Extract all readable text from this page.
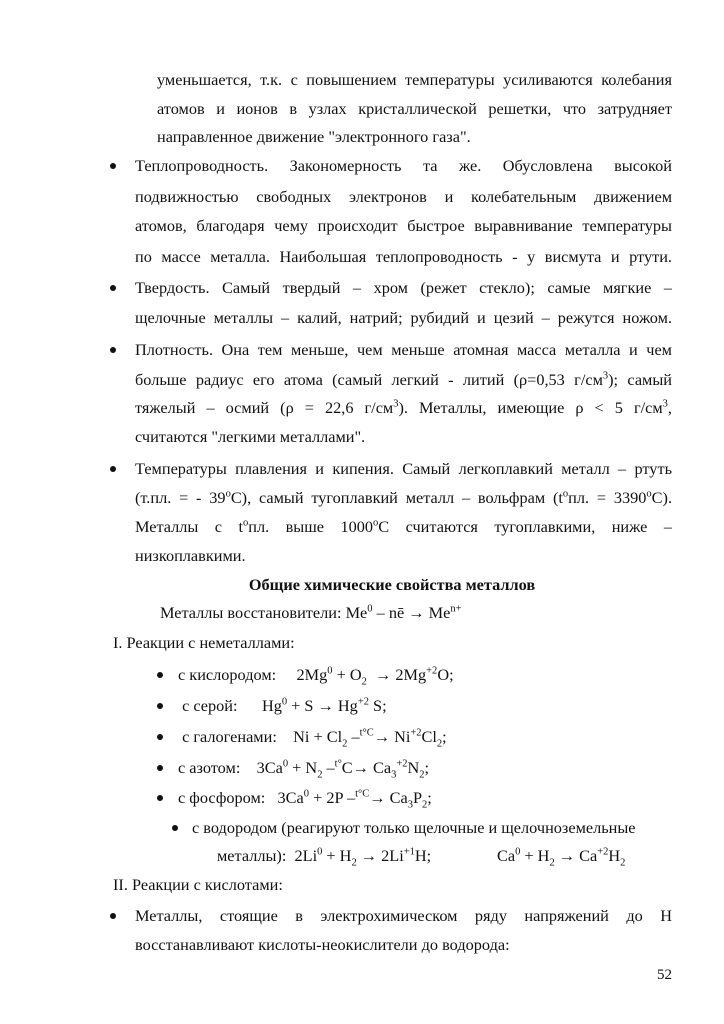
уменьшается, т.к. с повышением температуры усиливаются колебания
атомов и ионов в узлах кристаллической решетки, что затрудняет
направленное движение "электронного газа".
Теплопроводность. Закономерность та же. Обусловлена высокой
подвижностью свободных электронов и колебательным движением
атомов, благодаря чему происходит быстрое выравнивание температуры
по массе металла. Наибольшая теплопроводность - у висмута и ртути.
Твердость. Самый твердый – хром (режет стекло); самые мягкие –
щелочные металлы – калий, натрий; рубидий и цезий – режутся ножом.
Плотность. Она тем меньше, чем меньше атомная масса металла и чем
больше радиус его атома (самый легкий - литий (ρ=0,53 $г/см^3$); самый
тяжелый – осмий (ρ = 22,6 $г/см^3$). Металлы, имеющие ρ < 5 $г/см^3$,
считаются "легкими металлами".
Температуры плавления и кипения. Самый легкоплавкий металл – ртуть
(т.пл. = - $39^оС$), самый тугоплавкий металл – вольфрам ($t^опл$. = $3390^оС$).
Металлы с $t^опл$. выше $1000^оС$ считаются тугоплавкими, ниже –
низкоплавкими.
Общие химические свойства металлов
Металлы восстановители: Me$^0$ – nē → $Me^{n+}$
I. Реакции с неметаллами:
с кислородом:     $2Mg^0 + O_2 \to 2Mg^{+2}O$;
с серой:      $Hg^0 + S \to Hg^{+2}$ S;
с галогенами:    $Ni + Cl_2$ $-^{t^\circ C}\to Ni^{+2}Cl_2$;
с азотом:    $3Ca^0 + N_2$ $-^{t^\circ}C\to Ca_3^{+2}N_2$;
с фосфором:   $3Ca^0 + 2P$ $-^{t^\circ C}\to Ca_3P_2$;
с водородом (реагируют только щелочные и щелочноземельные
металлы):  $2Li^0 + H_2 \to 2Li^{+1}H$;	$Ca^0 + H_2 \to Ca^{+2}H_2$
II. Реакции с кислотами:
Металлы, стоящие в электрохимическом ряду напряжений до Н
восстанавливают кислоты-неокислители до водорода:
52
